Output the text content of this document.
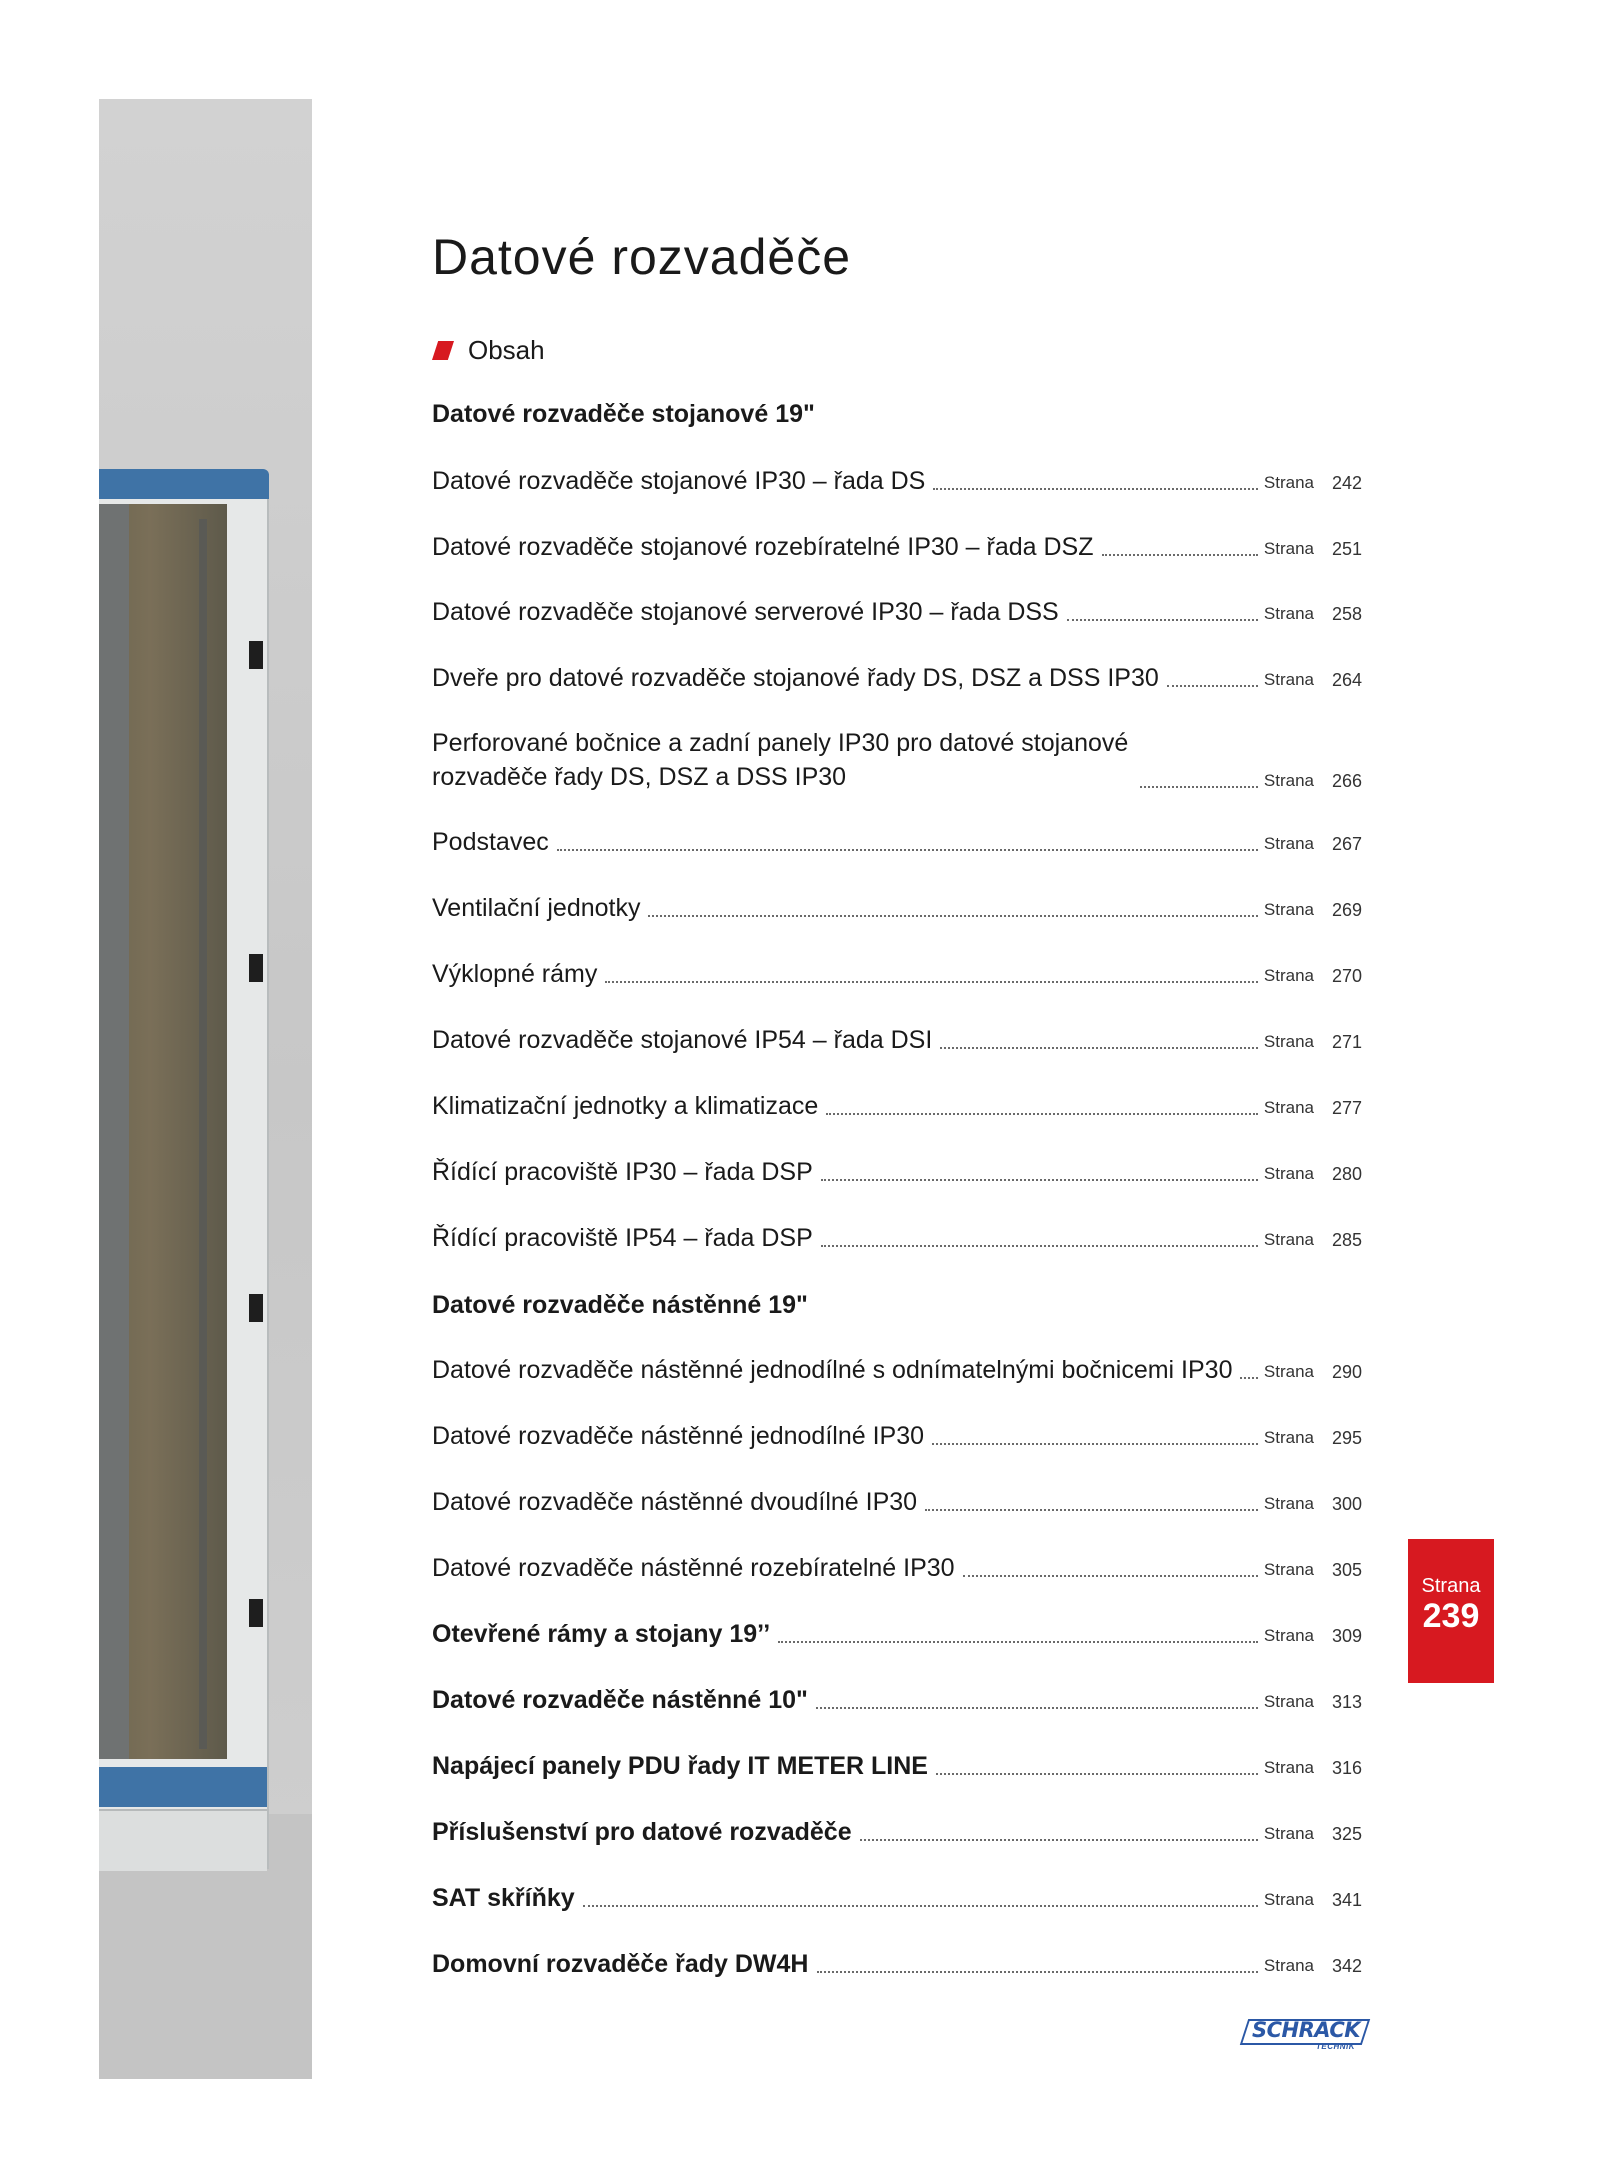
Datové rozvaděče
Obsah
Datové rozvaděče stojanové 19"
Datové rozvaděče stojanové IP30 – řada DS	Strana 242
Datové rozvaděče stojanové rozebíratelné IP30 – řada DSZ	Strana 251
Datové rozvaděče stojanové serverové IP30 – řada DSS	Strana 258
Dveře pro datové rozvaděče stojanové řady DS, DSZ a DSS IP30	Strana 264
Perforované bočnice a zadní panely IP30 pro datové stojanové rozvaděče řady DS, DSZ a DSS IP30	Strana 266
Podstavec	Strana 267
Ventilační jednotky	Strana 269
Výklopné rámy	Strana 270
Datové rozvaděče stojanové IP54 – řada DSI	Strana 271
Klimatizační jednotky a klimatizace	Strana 277
Řídící pracoviště IP30 – řada DSP	Strana 280
Řídící pracoviště IP54 – řada DSP	Strana 285
Datové rozvaděče nástěnné 19"
Datové rozvaděče nástěnné jednodílné s odnímatelnými bočnicemi IP30 Strana 290
Datové rozvaděče nástěnné jednodílné IP30	Strana 295
Datové rozvaděče nástěnné dvoudílné IP30	Strana 300
Datové rozvaděče nástěnné rozebíratelné IP30	Strana 305
Otevřené rámy a stojany 19’’	Strana 309
Datové rozvaděče nástěnné 10"	Strana 313
Napájecí panely PDU řady IT METER LINE	Strana 316
Příslušenství pro datové rozvaděče	Strana 325
SAT skříňky	Strana 341
Domovní rozvaděče řady DW4H	Strana 342
Strana
239
SCHRACK
TECHNIK
